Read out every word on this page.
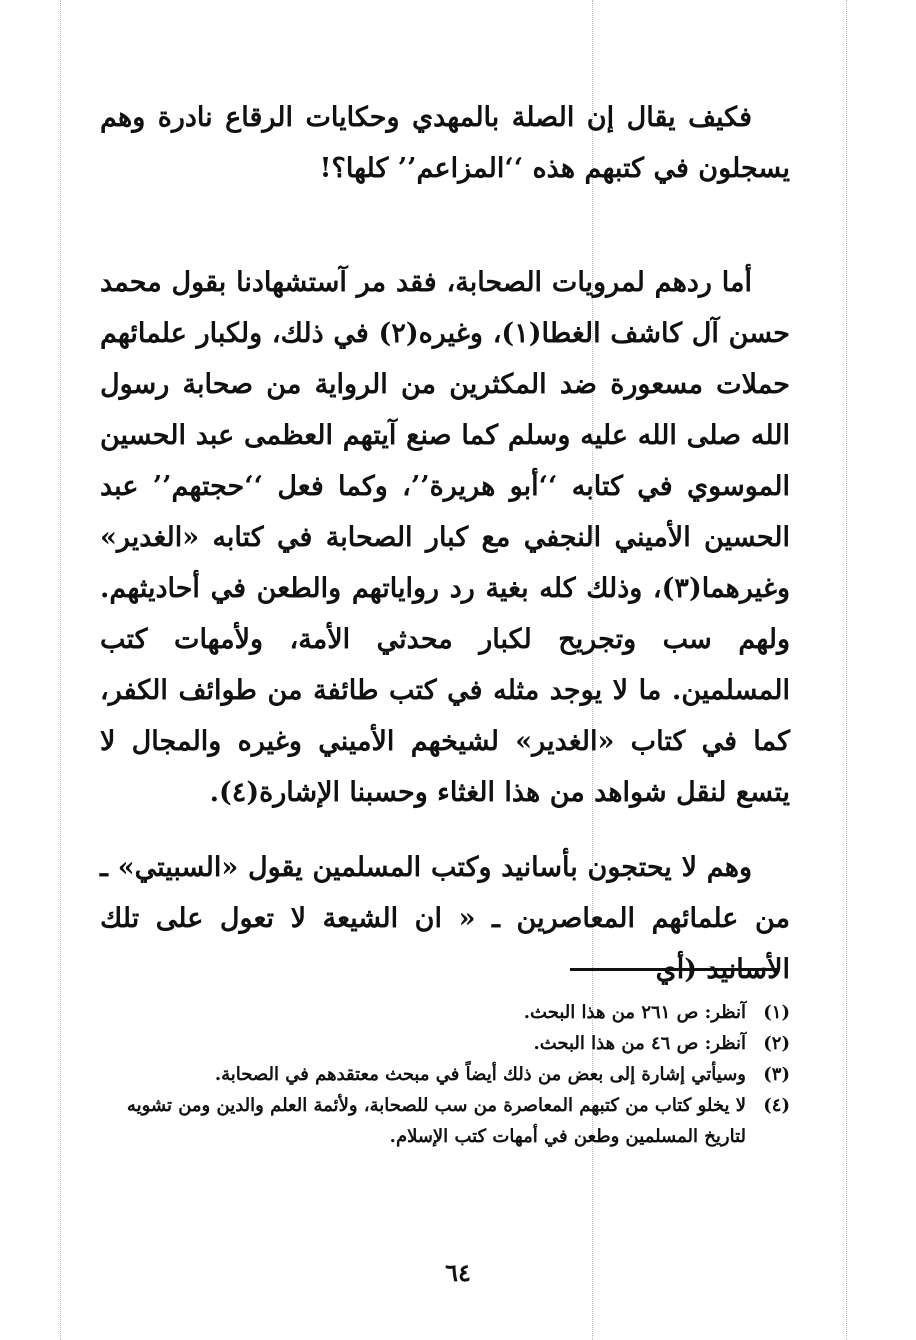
فكيف يقال إن الصلة بالمهدي وحكايات الرقاع نادرة وهم يسجلون في كتبهم هذه ‘‘المزاعم’’ كلها؟!

أما ردهم لمرويات الصحابة، فقد مر آستشهادنا بقول محمد حسن آل كاشف الغطا(١)، وغيره(٢) في ذلك، ولكبار علمائهم حملات مسعورة ضد المكثرين من الرواية من صحابة رسول الله صلى الله عليه وسلم كما صنع آيتهم العظمى عبد الحسين الموسوي في كتابه ‘‘أبو هريرة’’، وكما فعل ‘‘حجتهم’’ عبد الحسين الأميني النجفي مع كبار الصحابة في كتابه «الغدير» وغيرهما(٣)، وذلك كله بغية رد رواياتهم والطعن في أحاديثهم. ولهم سب وتجريح لكبار محدثي الأمة، ولأمهات كتب المسلمين. ما لا يوجد مثله في كتب طائفة من طوائف الكفر، كما في كتاب «الغدير» لشيخهم الأميني وغيره والمجال لا يتسع لنقل شواهد من هذا الغثاء وحسبنا الإشارة(٤).

وهم لا يحتجون بأسانيد وكتب المسلمين يقول «السبيتي» ـ من علمائهم المعاصرين ـ « ان الشيعة لا تعول على تلك الأسانيد (أي

(١)
آنظر: ص ٢٦١ من هذا البحث.
(٢)
آنظر: ص ٤٦ من هذا البحث.
(٣)
وسيأتي إشارة إلى بعض من ذلك أيضاً في مبحث معتقدهم في الصحابة.
(٤)
لا يخلو كتاب من كتبهم المعاصرة من سب للصحابة، ولأئمة العلم والدين ومن تشويه لتاريخ المسلمين وطعن في أمهات كتب الإسلام.
٦٤
